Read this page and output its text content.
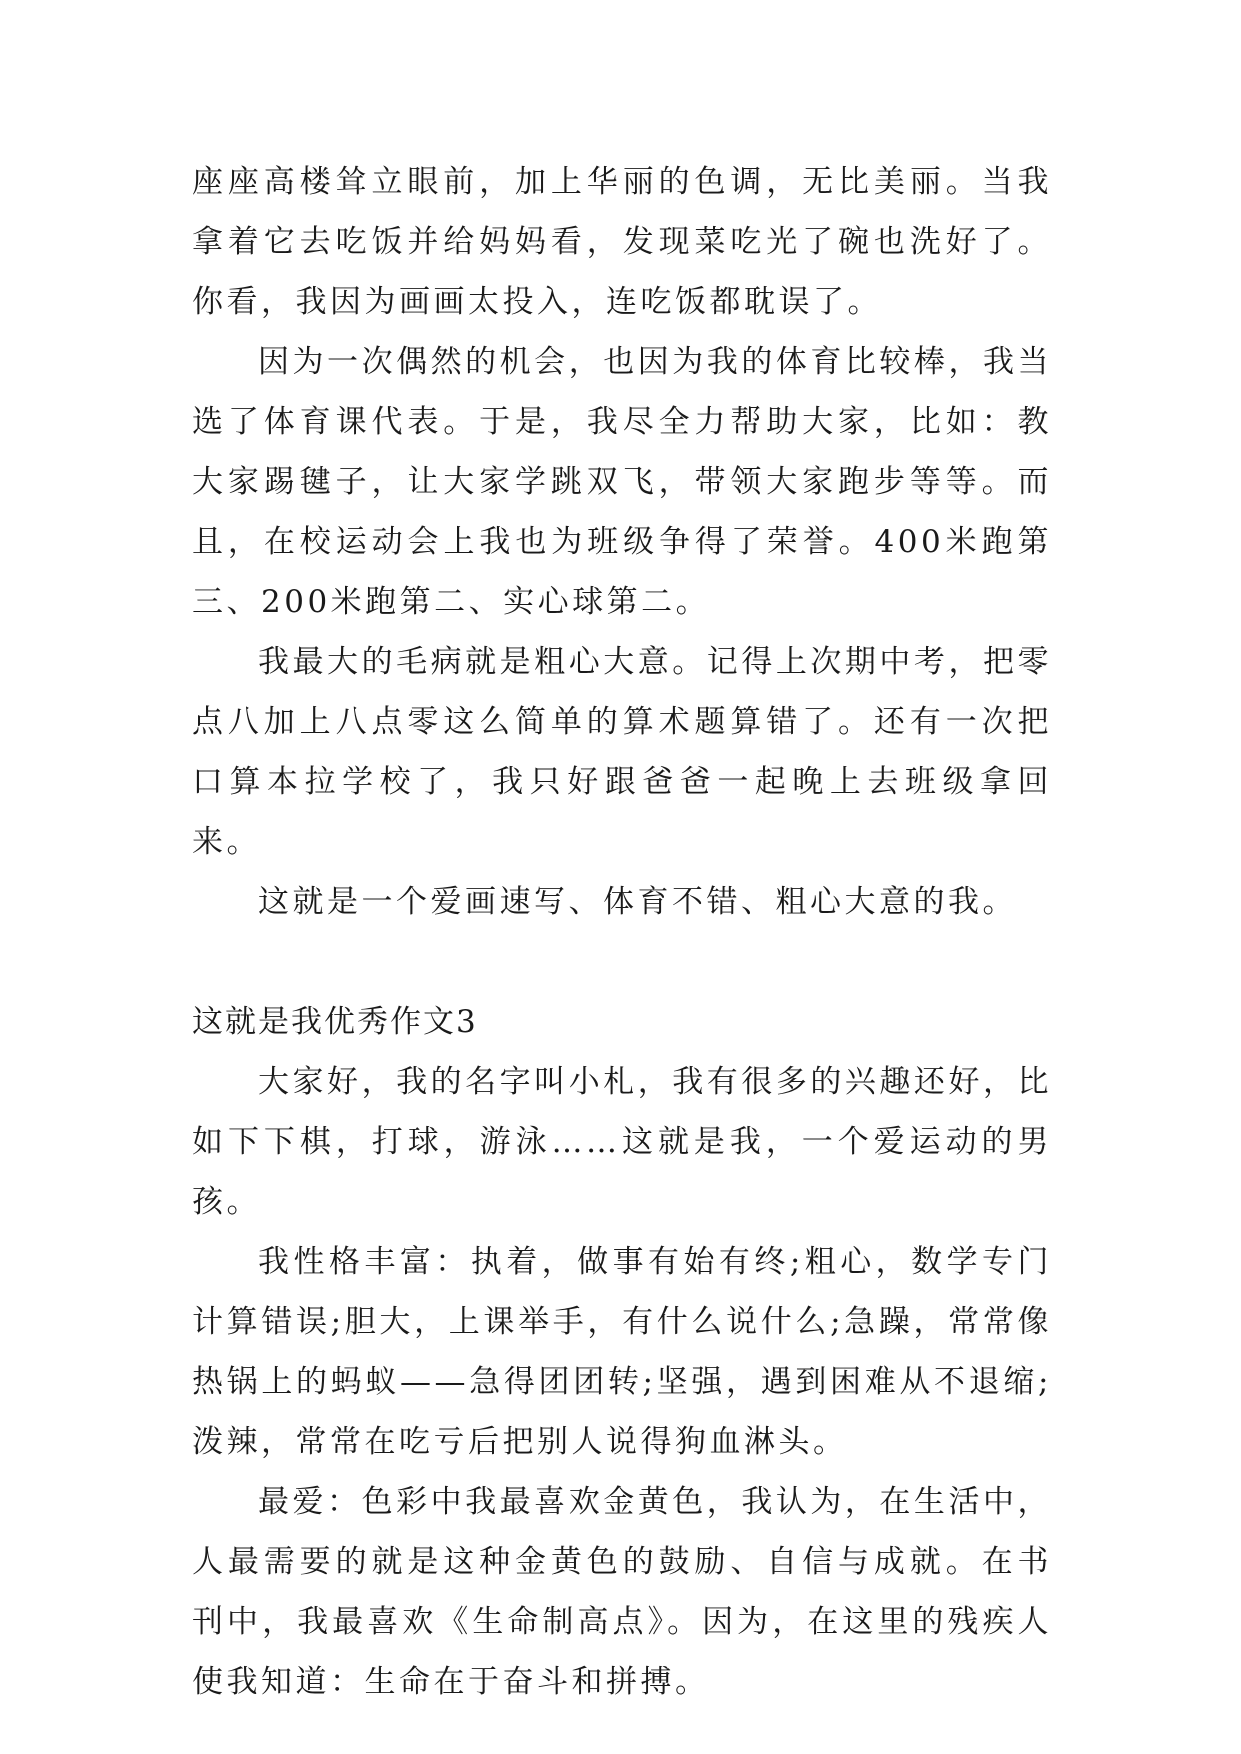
座座高楼耸立眼前，加上华丽的色调，无比美丽。当我拿着它去吃饭并给妈妈看，发现菜吃光了碗也洗好了。你看，我因为画画太投入，连吃饭都耽误了。

因为一次偶然的机会，也因为我的体育比较棒，我当选了体育课代表。于是，我尽全力帮助大家，比如：教大家踢毽子，让大家学跳双飞，带领大家跑步等等。而且，在校运动会上我也为班级争得了荣誉。400米跑第三、200米跑第二、实心球第二。

我最大的毛病就是粗心大意。记得上次期中考，把零点八加上八点零这么简单的算术题算错了。还有一次把口算本拉学校了，我只好跟爸爸一起晚上去班级拿回来。

这就是一个爱画速写、体育不错、粗心大意的我。

这就是我优秀作文3

大家好，我的名字叫小札，我有很多的兴趣还好，比如下下棋，打球，游泳……这就是我，一个爱运动的男孩。

我性格丰富：执着，做事有始有终;粗心，数学专门计算错误;胆大，上课举手，有什么说什么;急躁，常常像热锅上的蚂蚁——急得团团转;坚强，遇到困难从不退缩;泼辣，常常在吃亏后把别人说得狗血淋头。

最爱：色彩中我最喜欢金黄色，我认为，在生活中，人最需要的就是这种金黄色的鼓励、自信与成就。在书刊中，我最喜欢《生命制高点》。因为，在这里的残疾人使我知道：生命在于奋斗和拼搏。
